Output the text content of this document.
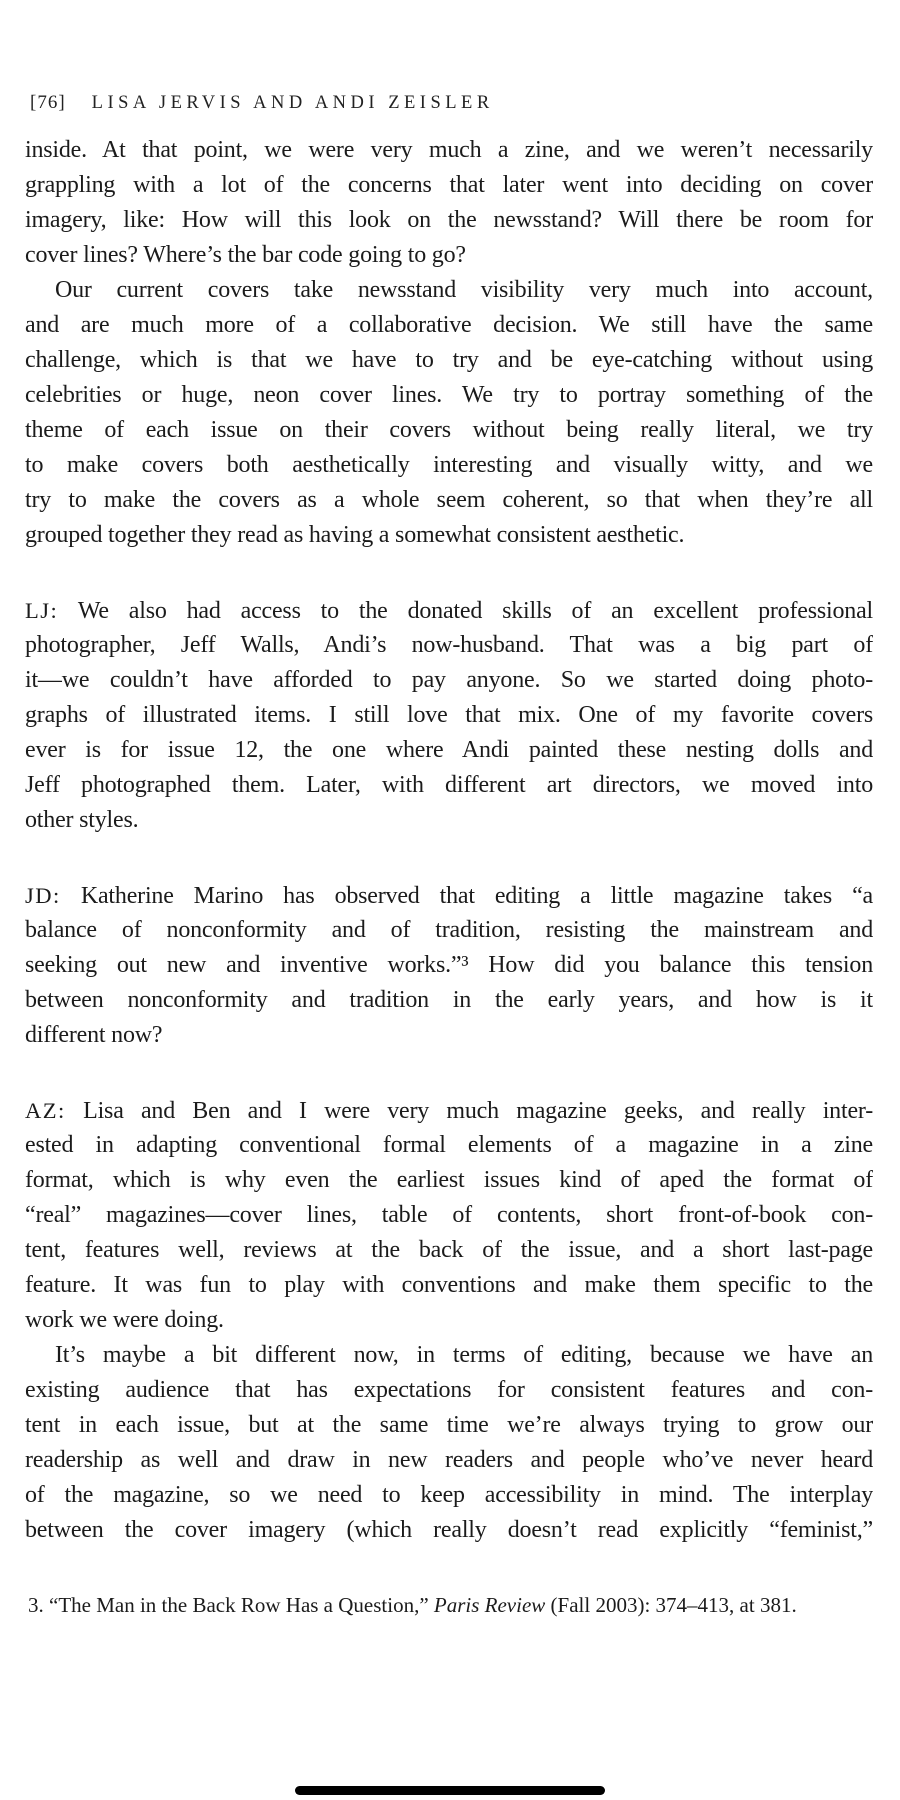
[76] LISA JERVIS AND ANDI ZEISLER
inside. At that point, we were very much a zine, and we weren’t necessarily
grappling with a lot of the concerns that later went into deciding on cover
imagery, like: How will this look on the newsstand? Will there be room for
cover lines? Where’s the bar code going to go?
Our current covers take newsstand visibility very much into account,
and are much more of a collaborative decision. We still have the same
challenge, which is that we have to try and be eye-catching without using
celebrities or huge, neon cover lines. We try to portray something of the
theme of each issue on their covers without being really literal, we try
to make covers both aesthetically interesting and visually witty, and we
try to make the covers as a whole seem coherent, so that when they’re all
grouped together they read as having a somewhat consistent aesthetic.
LJ: We also had access to the donated skills of an excellent professional
photographer, Jeff Walls, Andi’s now-husband. That was a big part of
it—we couldn’t have afforded to pay anyone. So we started doing photo-
graphs of illustrated items. I still love that mix. One of my favorite covers
ever is for issue 12, the one where Andi painted these nesting dolls and
Jeff photographed them. Later, with different art directors, we moved into
other styles.
JD: Katherine Marino has observed that editing a little magazine takes “a
balance of nonconformity and of tradition, resisting the mainstream and
seeking out new and inventive works.”³ How did you balance this tension
between nonconformity and tradition in the early years, and how is it
different now?
AZ: Lisa and Ben and I were very much magazine geeks, and really inter-
ested in adapting conventional formal elements of a magazine in a zine
format, which is why even the earliest issues kind of aped the format of
“real” magazines—cover lines, table of contents, short front-of-book con-
tent, features well, reviews at the back of the issue, and a short last-page
feature. It was fun to play with conventions and make them specific to the
work we were doing.
It’s maybe a bit different now, in terms of editing, because we have an
existing audience that has expectations for consistent features and con-
tent in each issue, but at the same time we’re always trying to grow our
readership as well and draw in new readers and people who’ve never heard
of the magazine, so we need to keep accessibility in mind. The interplay
between the cover imagery (which really doesn’t read explicitly “feminist,”
3. “The Man in the Back Row Has a Question,” Paris Review (Fall 2003): 374–413, at 381.
